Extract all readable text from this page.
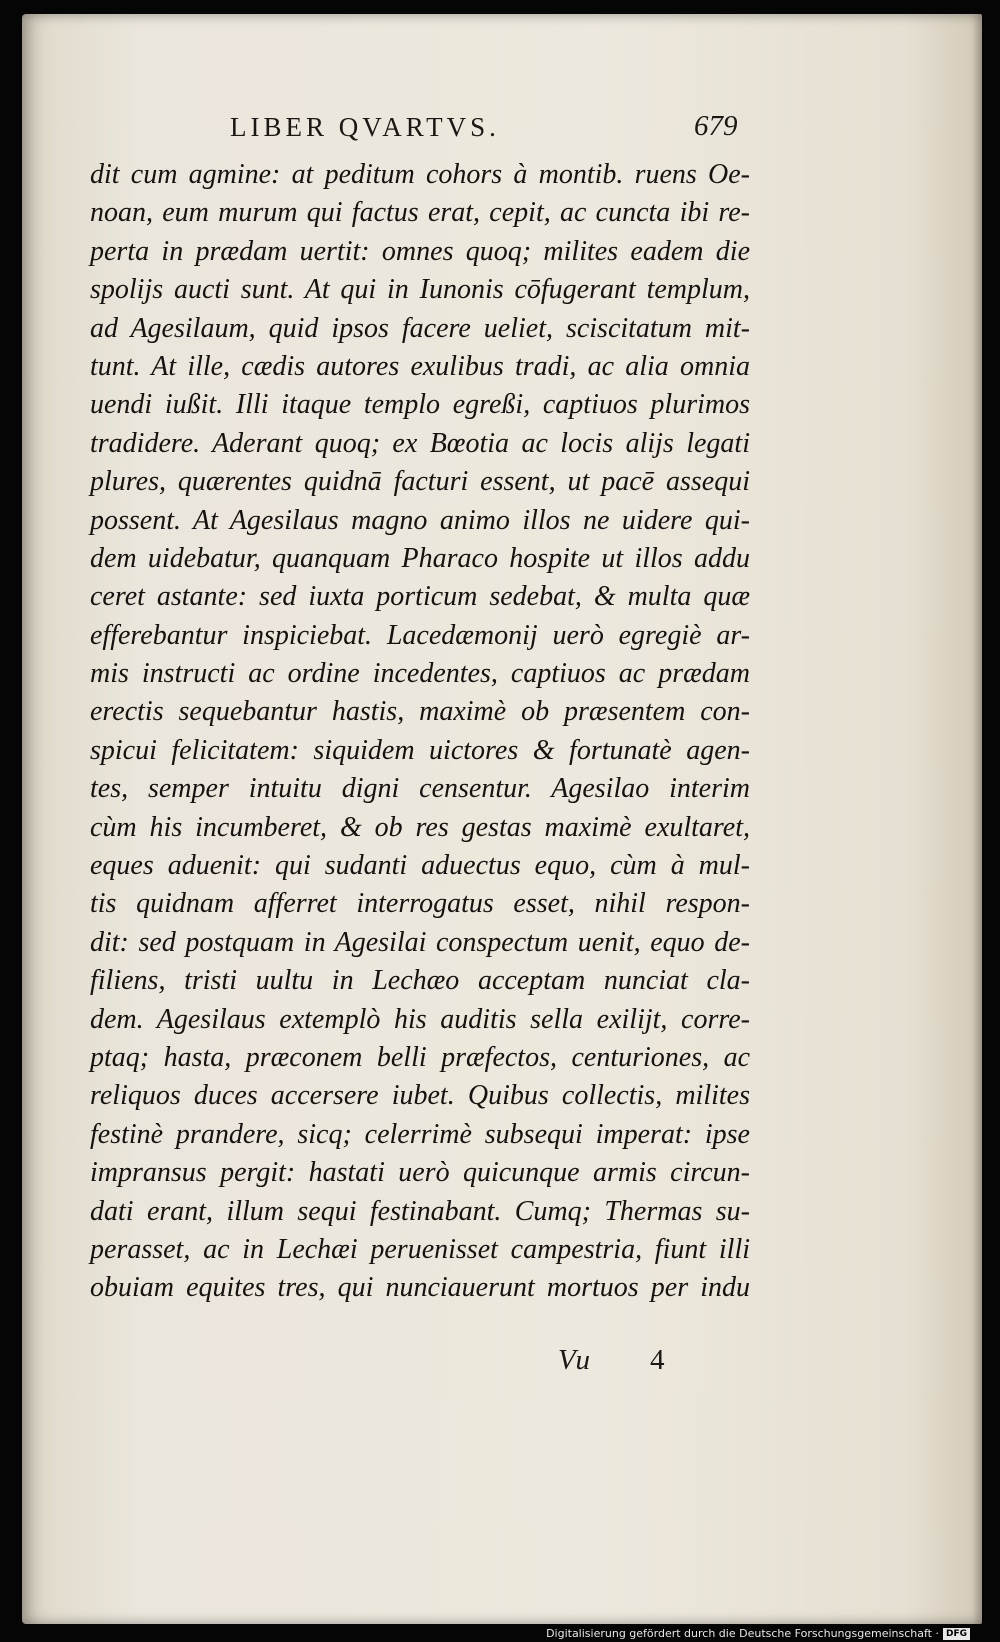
LIBER QVARTVS.	679
dit cum agmine: at peditum cohors à montib. ruens Oe-
noan, eum murum qui factus erat, cepit, ac cuncta ibi re-
perta in prædam uertit: omnes quoq; milites eadem die
spolijs aucti sunt. At qui in Iunonis cōfugerant templum,
ad Agesilaum, quid ipsos facere ueliet, sciscitatum mit-
tunt. At ille, cædis autores exulibus tradi, ac alia omnia
uendi iußit. Illi itaque templo egreßi, captiuos plurimos
tradidere. Aderant quoq; ex Bœotia ac locis alijs legati
plures, quærentes quidnā facturi essent, ut pacē assequi
possent. At Agesilaus magno animo illos ne uidere qui-
dem uidebatur, quanquam Pharaco hospite ut illos addu
ceret astante: sed iuxta porticum sedebat, & multa quæ
efferebantur inspiciebat. Lacedæmonij uerò egregiè ar-
mis instructi ac ordine incedentes, captiuos ac prædam
erectis sequebantur hastis, maximè ob præsentem con-
spicui felicitatem: siquidem uictores & fortunatè agen-
tes, semper intuitu digni censentur. Agesilao interim
cùm his incumberet, & ob res gestas maximè exultaret,
eques aduenit: qui sudanti aduectus equo, cùm à mul-
tis quidnam afferret interrogatus esset, nihil respon-
dit: sed postquam in Agesilai conspectum uenit, equo de-
filiens, tristi uultu in Lechæo acceptam nunciat cla-
dem. Agesilaus extemplò his auditis sella exilijt, corre-
ptaq; hasta, præconem belli præfectos, centuriones, ac
reliquos duces accersere iubet. Quibus collectis, milites
festinè prandere, sicq; celerrimè subsequi imperat: ipse
impransus pergit: hastati uerò quicunque armis circun-
dati erant, illum sequi festinabant. Cumq; Thermas su-
perasset, ac in Lechæi peruenisset campestria, fiunt illi
obuiam equites tres, qui nunciauerunt mortuos per indu
Vu 4
Digitalisierung gefördert durch die Deutsche Forschungsgemeinschaft · DFG
